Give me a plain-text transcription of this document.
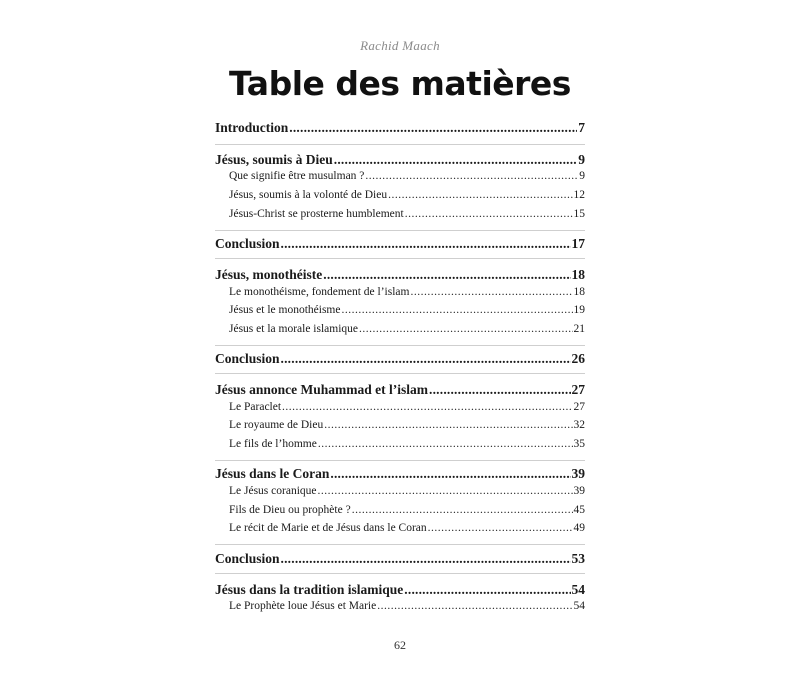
Rachid Maach
Table des matières
Introduction .....	7
Jésus, soumis à Dieu .....	9
Que signifie être musulman ? .....	9
Jésus, soumis à la volonté de Dieu .....	12
Jésus-Christ se prosterne humblement .....	15
Conclusion .....	17
Jésus, monothéiste .....	18
Le monothéisme, fondement de l’islam .....	18
Jésus et le monothéisme .....	19
Jésus et la morale islamique .....	21
Conclusion .....	26
Jésus annonce Muhammad et l’islam .....	27
Le Paraclet .....	27
Le royaume de Dieu .....	32
Le fils de l’homme .....	35
Jésus dans le Coran .....	39
Le Jésus coranique .....	39
Fils de Dieu ou prophète ? .....	45
Le récit de Marie et de Jésus dans le Coran .....	49
Conclusion .....	53
Jésus dans la tradition islamique .....	54
Le Prophète loue Jésus et Marie .....	54
62
